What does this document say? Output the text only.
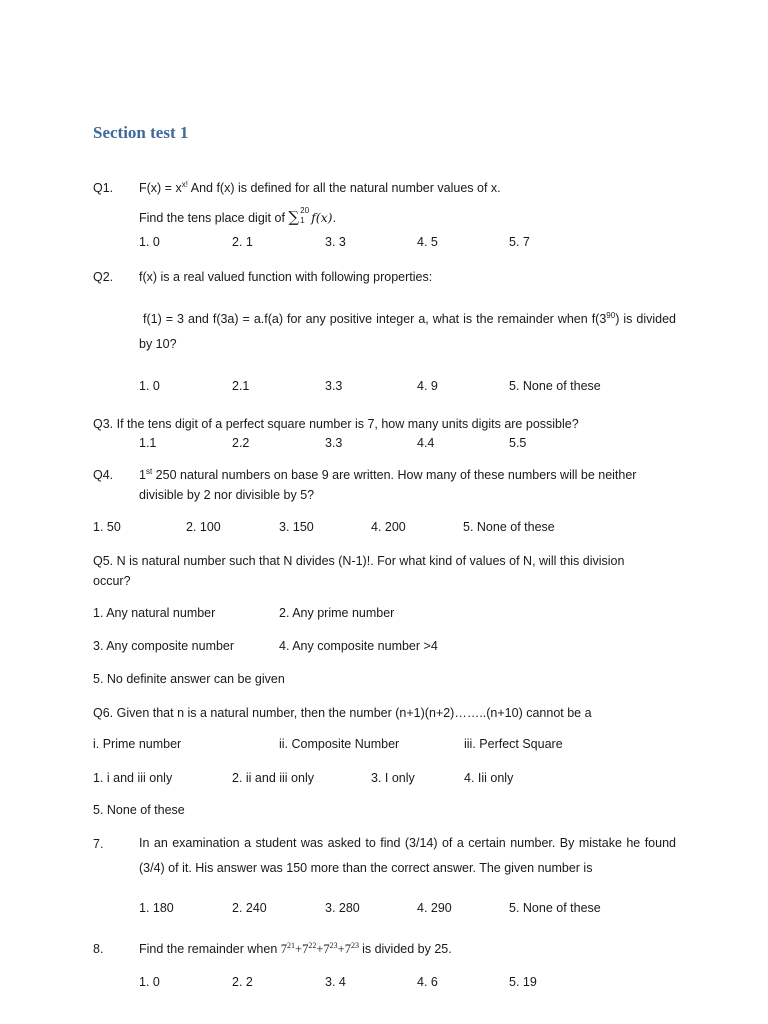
Section test 1
Q1. $F(x) = x^{x!}$ And f(x) is defined for all the natural number values of x.
Find the tens place digit of ∑ 20
1 f(x).
1. 0	2. 1	3. 3	4. 5	5. 7
Q2. f(x) is a real valued function with following properties:
f(1) = 3 and f(3a) = a.f(a) for any positive integer a, what is the remainder when $f(3^{90})$ is divided by 10?
1. 0	2.1	3.3	4. 9	5. None of these
Q3. If the tens digit of a perfect square number is 7, how many units digits are possible?
1.1	2.2	3.3	4.4	5.5
Q4. 1st 250 natural numbers on base 9 are written. How many of these numbers will be neither
divisible by 2 nor divisible by 5?
1. 50	2. 100	3. 150	4. 200	5. None of these
Q5. N is natural number such that N divides (N-1)!. For what kind of values of N, will this division
occur?
1. Any natural number	2. Any prime number
3. Any composite number	4. Any composite number >4
5. No definite answer can be given
Q6. Given that n is a natural number, then the number (n+1)(n+2)……..(n+10) cannot be a
i. Prime number	ii. Composite Number	iii. Perfect Square
1. i and iii only	2. ii and iii only	3. I only	4. Iii only
5. None of these
7.	In an examination a student was asked to find (3/14) of a certain number. By mistake he found (3/4) of it. His answer was 150 more than the correct answer. The given number is
1. 180	2. 240	3. 280	4. 290	5. None of these
8.	Find the remainder when $7^{21}+7^{22}+7^{23}+7^{23}$ is divided by 25.
1. 0	2. 2	3. 4	4. 6	5. 19
